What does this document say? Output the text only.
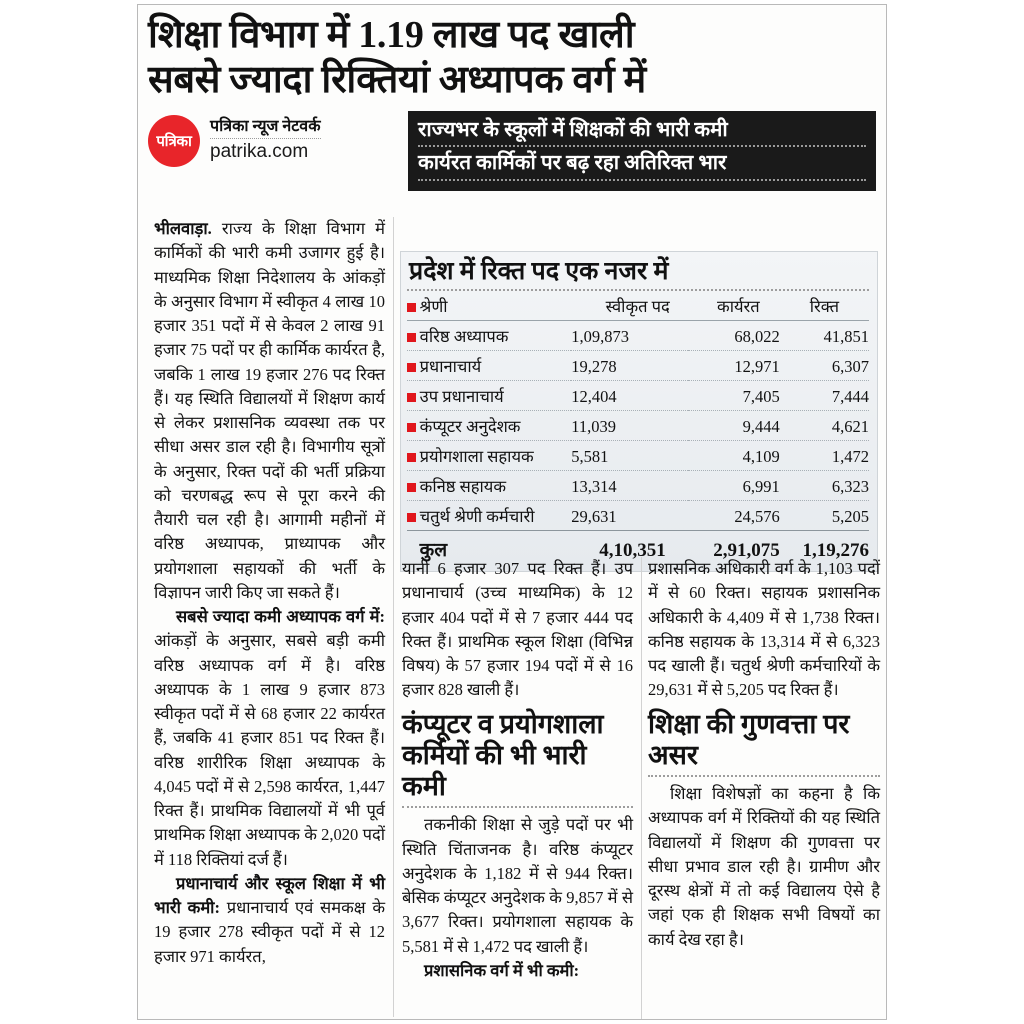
शिक्षा विभाग में 1.19 लाख पद खाली
सबसे ज्यादा रिक्तियां अध्यापक वर्ग में
पत्रिका
पत्रिका न्यूज नेटवर्क
patrika.com
राज्यभर के स्कूलों में शिक्षकों की भारी कमी
कार्यरत कार्मिकों पर बढ़ रहा अतिरिक्त भार
प्रदेश में रिक्त पद एक नजर में
	श्रेणी	स्वीकृत पद	कार्यरत	रिक्त
	वरिष्ठ अध्यापक	1,09,873	68,022	41,851
	प्रधानाचार्य	19,278	12,971	6,307
	उप प्रधानाचार्य	12,404	7,405	7,444
	कंप्यूटर अनुदेशक	11,039	9,444	4,621
	प्रयोगशाला सहायक	5,581	4,109	1,472
	कनिष्ठ सहायक	13,314	6,991	6,323
	चतुर्थ श्रेणी कर्मचारी	29,631	24,576	5,205
	कुल	4,10,351	2,91,075	1,19,276

भीलवाड़ा. राज्य के शिक्षा विभाग में कार्मिकों की भारी कमी उजागर हुई है। माध्यमिक शिक्षा निदेशालय के आंकड़ों के अनुसार विभाग में स्वीकृत 4 लाख 10 हजार 351 पदों में से केवल 2 लाख 91 हजार 75 पदों पर ही कार्मिक कार्यरत है, जबकि 1 लाख 19 हजार 276 पद रिक्त हैं। यह स्थिति विद्यालयों में शिक्षण कार्य से लेकर प्रशासनिक व्यवस्था तक पर सीधा असर डाल रही है। विभागीय सूत्रों के अनुसार, रिक्त पदों की भर्ती प्रक्रिया को चरणबद्ध रूप से पूरा करने की तैयारी चल रही है। आगामी महीनों में वरिष्ठ अध्यापक, प्राध्यापक और प्रयोगशाला सहायकों की भर्ती के विज्ञापन जारी किए जा सकते हैं।

सबसे ज्यादा कमी अध्यापक वर्ग में: आंकड़ों के अनुसार, सबसे बड़ी कमी वरिष्ठ अध्यापक वर्ग में है। वरिष्ठ अध्यापक के 1 लाख 9 हजार 873 स्वीकृत पदों में से 68 हजार 22 कार्यरत हैं, जबकि 41 हजार 851 पद रिक्त हैं। वरिष्ठ शारीरिक शिक्षा अध्यापक के 4,045 पदों में से 2,598 कार्यरत, 1,447 रिक्त हैं। प्राथमिक विद्यालयों में भी पूर्व प्राथमिक शिक्षा अध्यापक के 2,020 पदों में 118 रिक्तियां दर्ज हैं।

प्रधानाचार्य और स्कूल शिक्षा में भी भारी कमी: प्रधानाचार्य एवं समकक्ष के 19 हजार 278 स्वीकृत पदों में से 12 हजार 971 कार्यरत,

यानी 6 हजार 307 पद रिक्त हैं। उप प्रधानाचार्य (उच्च माध्यमिक) के 12 हजार 404 पदों में से 7 हजार 444 पद रिक्त हैं। प्राथमिक स्कूल शिक्षा (विभिन्न विषय) के 57 हजार 194 पदों में से 16 हजार 828 खाली हैं।

कंप्यूटर व प्रयोगशाला कर्मियों की भी भारी कमी

तकनीकी शिक्षा से जुड़े पदों पर भी स्थिति चिंताजनक है। वरिष्ठ कंप्यूटर अनुदेशक के 1,182 में से 944 रिक्त। बेसिक कंप्यूटर अनुदेशक के 9,857 में से 3,677 रिक्त। प्रयोगशाला सहायक के 5,581 में से 1,472 पद खाली हैं।

प्रशासनिक वर्ग में भी कमी:

प्रशासनिक अधिकारी वर्ग के 1,103 पदों में से 60 रिक्त। सहायक प्रशासनिक अधिकारी के 4,409 में से 1,738 रिक्त। कनिष्ठ सहायक के 13,314 में से 6,323 पद खाली हैं। चतुर्थ श्रेणी कर्मचारियों के 29,631 में से 5,205 पद रिक्त हैं।

शिक्षा की गुणवत्ता पर असर

शिक्षा विशेषज्ञों का कहना है कि अध्यापक वर्ग में रिक्तियों की यह स्थिति विद्यालयों में शिक्षण की गुणवत्ता पर सीधा प्रभाव डाल रही है। ग्रामीण और दूरस्थ क्षेत्रों में तो कई विद्यालय ऐसे है जहां एक ही शिक्षक सभी विषयों का कार्य देख रहा है।
